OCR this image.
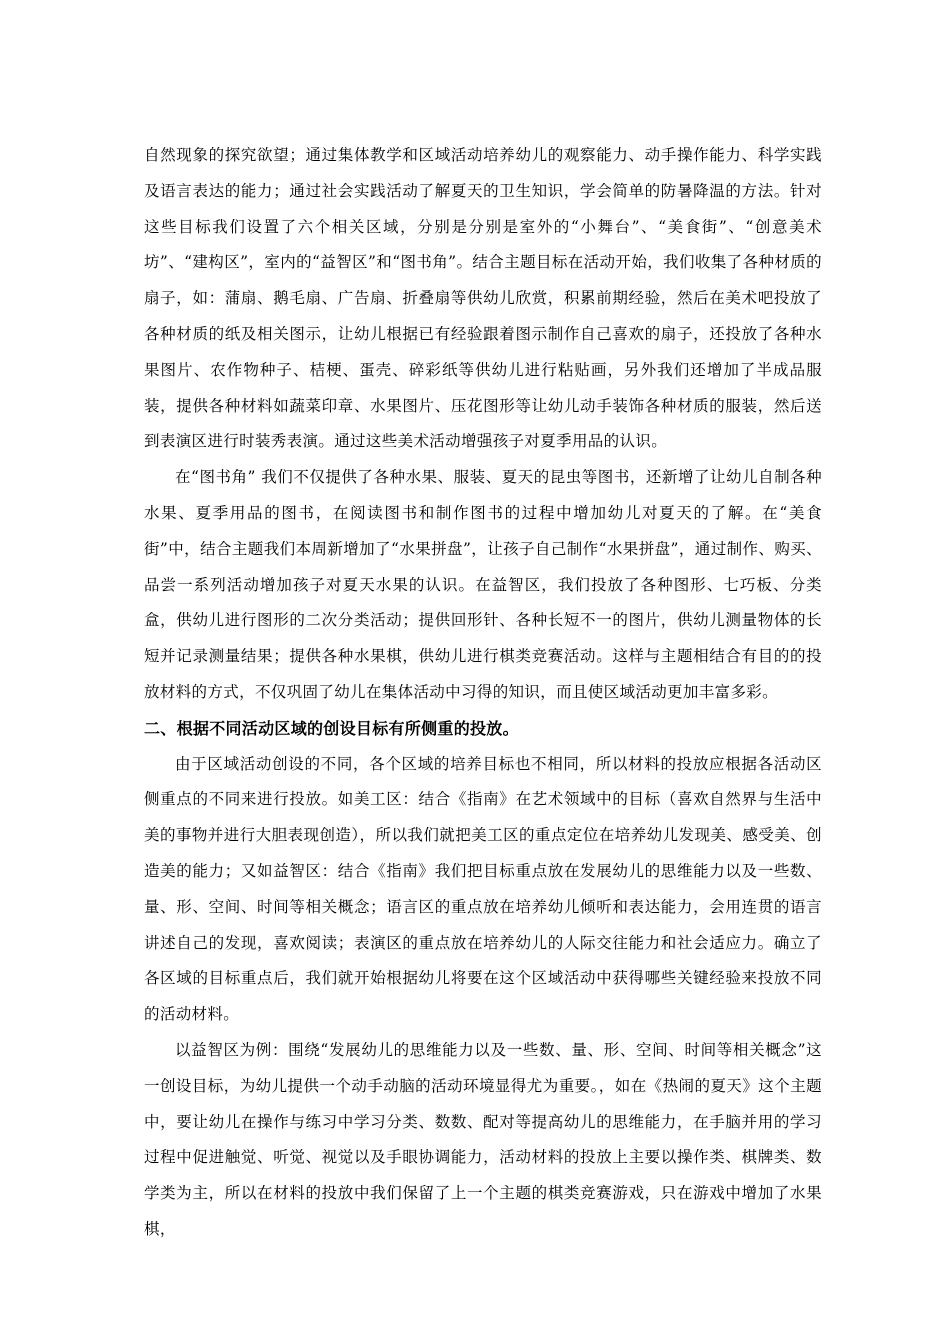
自然现象的探究欲望；通过集体教学和区域活动培养幼儿的观察能力、动手操作能力、科学实践及语言表达的能力；通过社会实践活动了解夏天的卫生知识，学会简单的防暑降温的方法。针对这些目标我们设置了六个相关区域，分别是分别是室外的“小舞台”、“美食街”、“创意美术坊”、“建构区”，室内的“益智区”和“图书角”。结合主题目标在活动开始，我们收集了各种材质的扇子，如：蒲扇、鹅毛扇、广告扇、折叠扇等供幼儿欣赏，积累前期经验，然后在美术吧投放了各种材质的纸及相关图示，让幼儿根据已有经验跟着图示制作自己喜欢的扇子，还投放了各种水果图片、农作物种子、桔梗、蛋壳、碎彩纸等供幼儿进行粘贴画，另外我们还增加了半成品服装，提供各种材料如蔬菜印章、水果图片、压花图形等让幼儿动手装饰各种材质的服装，然后送到表演区进行时装秀表演。通过这些美术活动增强孩子对夏季用品的认识。

在“图书角” 我们不仅提供了各种水果、服装、夏天的昆虫等图书，还新增了让幼儿自制各种水果、夏季用品的图书，在阅读图书和制作图书的过程中增加幼儿对夏天的了解。在“美食街”中，结合主题我们本周新增加了“水果拼盘”，让孩子自己制作“水果拼盘”，通过制作、购买、品尝一系列活动增加孩子对夏天水果的认识。在益智区，我们投放了各种图形、七巧板、分类盒，供幼儿进行图形的二次分类活动；提供回形针、各种长短不一的图片，供幼儿测量物体的长短并记录测量结果；提供各种水果棋，供幼儿进行棋类竞赛活动。这样与主题相结合有目的的投放材料的方式，不仅巩固了幼儿在集体活动中习得的知识，而且使区域活动更加丰富多彩。

二、根据不同活动区域的创设目标有所侧重的投放。

由于区域活动创设的不同，各个区域的培养目标也不相同，所以材料的投放应根据各活动区侧重点的不同来进行投放。如美工区：结合《指南》在艺术领域中的目标（喜欢自然界与生活中美的事物并进行大胆表现创造），所以我们就把美工区的重点定位在培养幼儿发现美、感受美、创造美的能力；又如益智区：结合《指南》我们把目标重点放在发展幼儿的思维能力以及一些数、量、形、空间、时间等相关概念；语言区的重点放在培养幼儿倾听和表达能力，会用连贯的语言讲述自己的发现，喜欢阅读；表演区的重点放在培养幼儿的人际交往能力和社会适应力。确立了各区域的目标重点后，我们就开始根据幼儿将要在这个区域活动中获得哪些关键经验来投放不同的活动材料。

以益智区为例：围绕“发展幼儿的思维能力以及一些数、量、形、空间、时间等相关概念”这一创设目标，为幼儿提供一个动手动脑的活动环境显得尤为重要。，如在《热闹的夏天》这个主题中，要让幼儿在操作与练习中学习分类、数数、配对等提高幼儿的思维能力，在手脑并用的学习过程中促进触觉、听觉、视觉以及手眼协调能力，活动材料的投放上主要以操作类、棋牌类、数学类为主，所以在材料的投放中我们保留了上一个主题的棋类竞赛游戏，只在游戏中增加了水果棋，
